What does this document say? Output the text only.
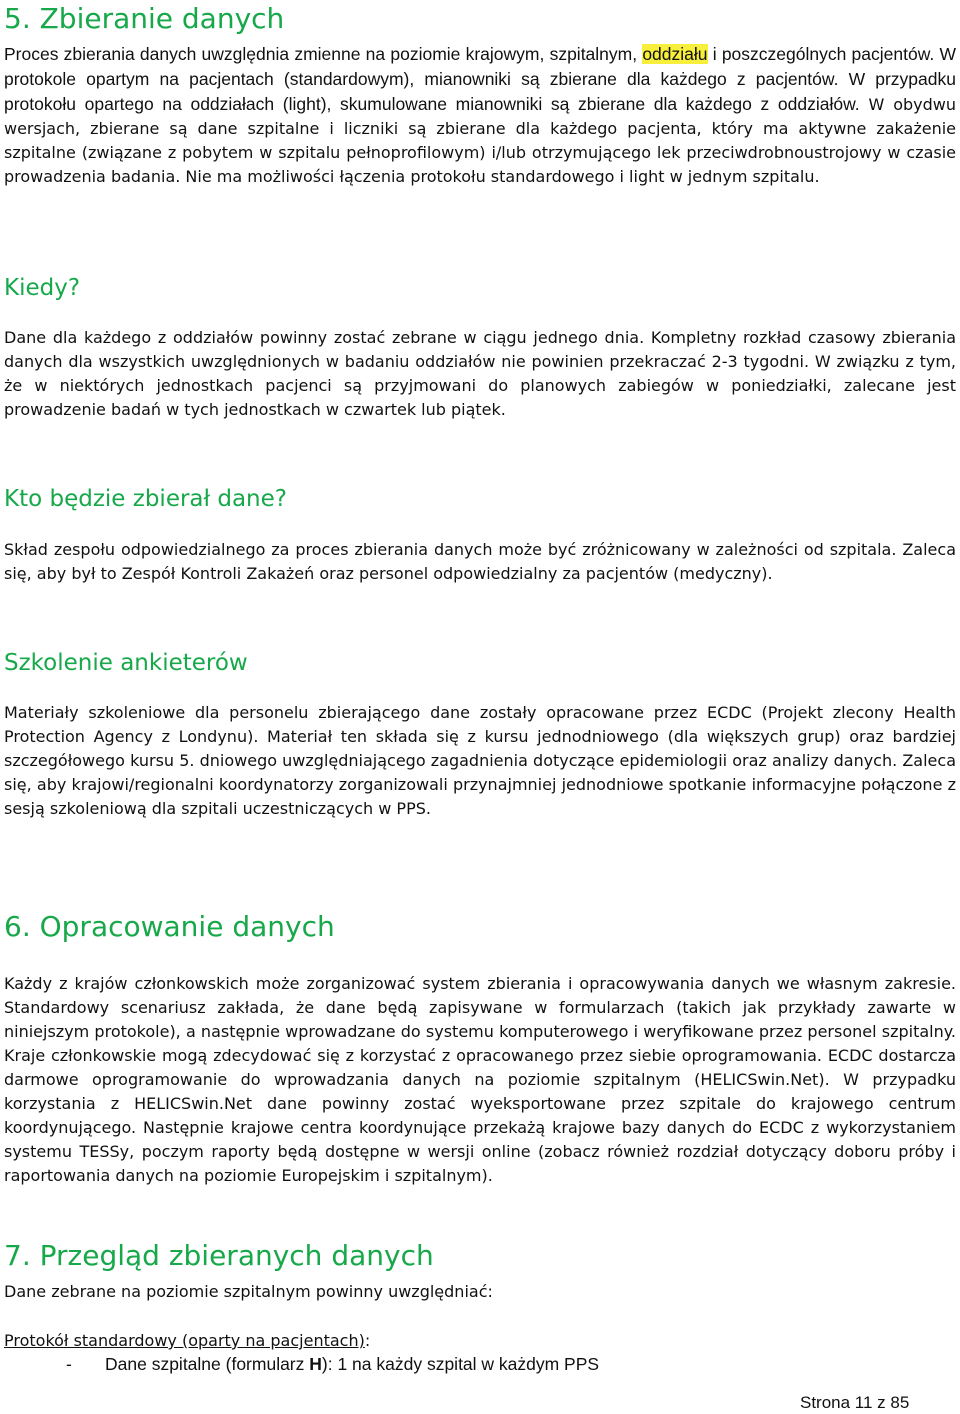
5. Zbieranie danych

Proces zbierania danych uwzględnia zmienne na poziomie krajowym, szpitalnym, oddziału i poszczególnych pacjentów. W protokole opartym na pacjentach (standardowym), mianowniki są zbierane dla każdego z pacjentów. W przypadku protokołu opartego na oddziałach (light), skumulowane mianowniki są zbierane dla każdego z oddziałów. W obydwu wersjach, zbierane są dane szpitalne i liczniki są zbierane dla każdego pacjenta, który ma aktywne zakażenie szpitalne (związane z pobytem w szpitalu pełnoprofilowym) i/lub otrzymującego lek przeciwdrobnoustrojowy w czasie prowadzenia badania. Nie ma możliwości łączenia protokołu standardowego i light w jednym szpitalu.

Kiedy?

Dane dla każdego z oddziałów powinny zostać zebrane w ciągu jednego dnia. Kompletny rozkład czasowy zbierania danych dla wszystkich uwzględnionych w badaniu oddziałów nie powinien przekraczać 2-3 tygodni. W związku z tym, że w niektórych jednostkach pacjenci są przyjmowani do planowych zabiegów w poniedziałki, zalecane jest prowadzenie badań w tych jednostkach w czwartek lub piątek.

Kto będzie zbierał dane?

Skład zespołu odpowiedzialnego za proces zbierania danych może być zróżnicowany w zależności od szpitala. Zaleca się, aby był to Zespół Kontroli Zakażeń oraz personel odpowiedzialny za pacjentów (medyczny).

Szkolenie ankieterów

Materiały szkoleniowe dla personelu zbierającego dane zostały opracowane przez ECDC (Projekt zlecony Health Protection Agency z Londynu). Materiał ten składa się z kursu jednodniowego (dla większych grup) oraz bardziej szczegółowego kursu 5. dniowego uwzględniającego zagadnienia dotyczące epidemiologii oraz analizy danych. Zaleca się, aby krajowi/regionalni koordynatorzy zorganizowali przynajmniej jednodniowe spotkanie informacyjne połączone z sesją szkoleniową dla szpitali uczestniczących w PPS.

6. Opracowanie danych

Każdy z krajów członkowskich może zorganizować system zbierania i opracowywania danych we własnym zakresie. Standardowy scenariusz zakłada, że dane będą zapisywane w formularzach (takich jak przykłady zawarte w niniejszym protokole), a następnie wprowadzane do systemu komputerowego i weryfikowane przez personel szpitalny. Kraje członkowskie mogą zdecydować się z korzystać z opracowanego przez siebie oprogramowania. ECDC dostarcza darmowe oprogramowanie do wprowadzania danych na poziomie szpitalnym (HELICSwin.Net). W przypadku korzystania z HELICSwin.Net dane powinny zostać wyeksportowane przez szpitale do krajowego centrum koordynującego. Następnie krajowe centra koordynujące przekażą krajowe bazy danych do ECDC z wykorzystaniem systemu TESSy, poczym raporty będą dostępne w wersji online (zobacz również rozdział dotyczący doboru próby i raportowania danych na poziomie Europejskim i szpitalnym).

7. Przegląd zbieranych danych

Dane zebrane na poziomie szpitalnym powinny uwzględniać:

Protokół standardowy (oparty na pacjentach):

- Dane szpitalne (formularz H): 1 na każdy szpital w każdym PPS
Strona 11 z 85
